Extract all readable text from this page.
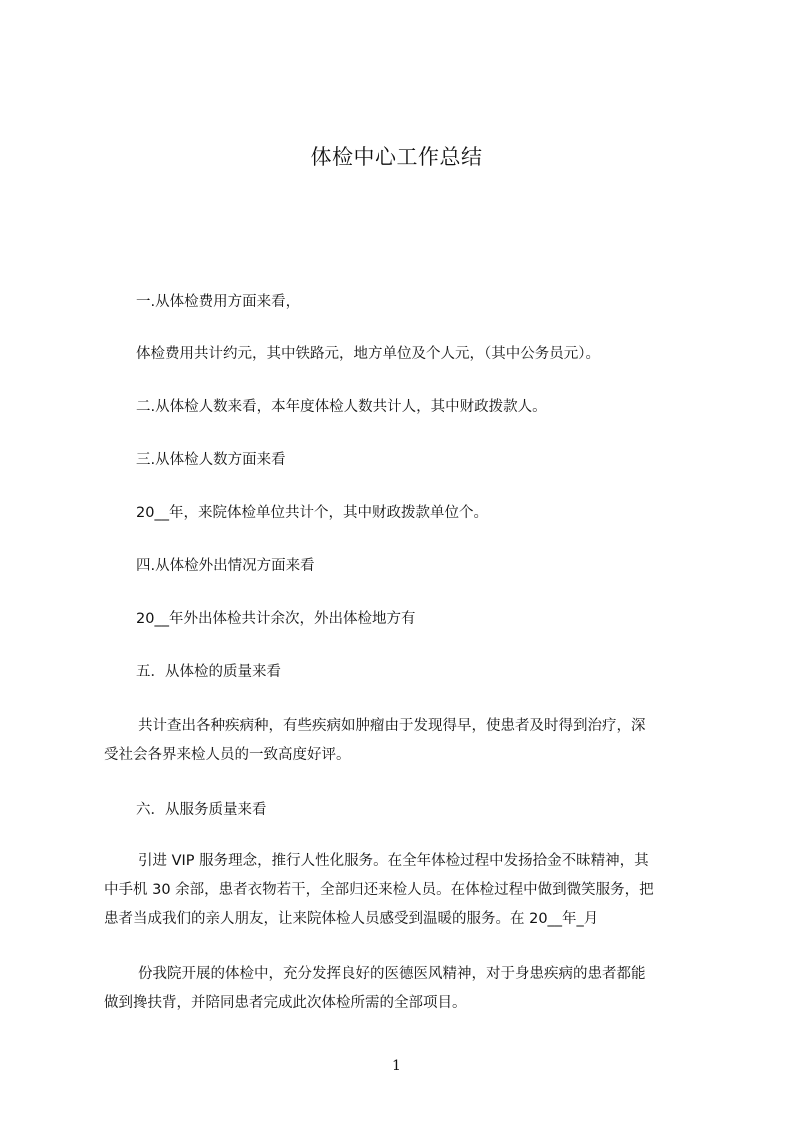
体检中心工作总结

一.从体检费用方面来看，

体检费用共计约元，其中铁路元，地方单位及个人元，（其中公务员元）。

二.从体检人数来看，本年度体检人数共计人，其中财政拨款人。

三.从体检人数方面来看

20__年，来院体检单位共计个，其中财政拨款单位个。

四.从体检外出情况方面来看

20__年外出体检共计余次，外出体检地方有

五．从体检的质量来看

共计查出各种疾病种，有些疾病如肿瘤由于发现得早，使患者及时得到治疗，深
受社会各界来检人员的一致高度好评。

六．从服务质量来看

引进 VIP 服务理念，推行人性化服务。在全年体检过程中发扬拾金不昧精神，其
中手机 30 余部，患者衣物若干，全部归还来检人员。在体检过程中做到微笑服务，把
患者当成我们的亲人朋友，让来院体检人员感受到温暖的服务。在 20__年_月
份我院开展的体检中，充分发挥良好的医德医风精神，对于身患疾病的患者都能
做到搀扶背，并陪同患者完成此次体检所需的全部项目。
1
